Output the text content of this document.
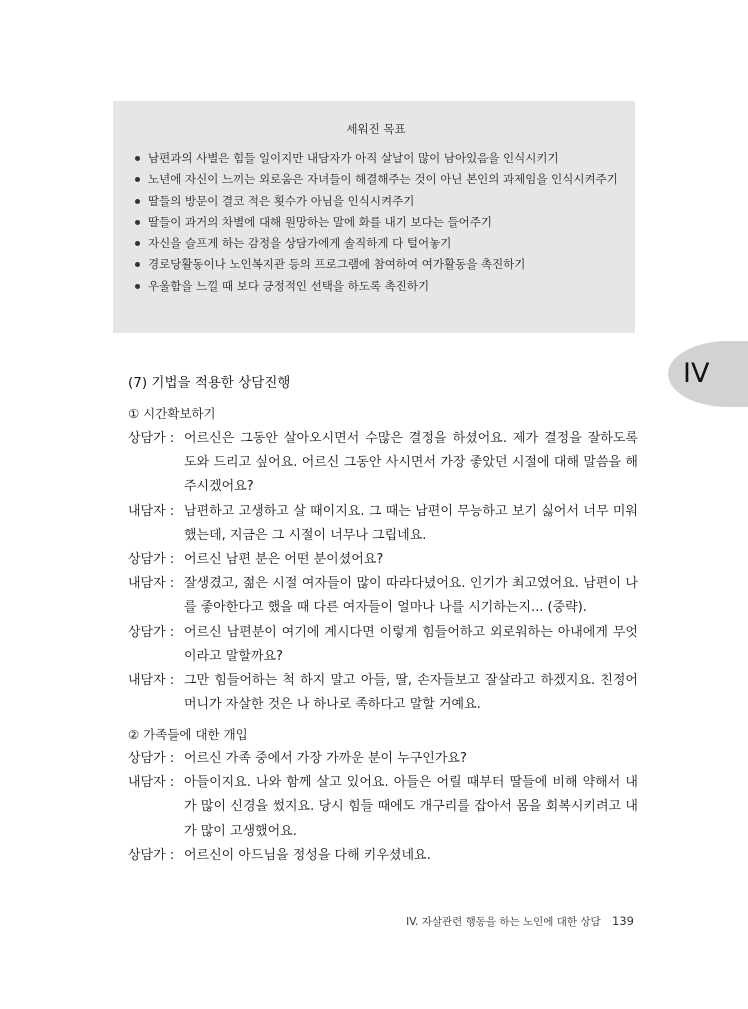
세워진 목표

남편과의 사별은 힘들 일이지만 내담자가 아직 살날이 많이 남아있음을 인식시키기
노년에 자신이 느끼는 외로움은 자녀들이 해결해주는 것이 아닌 본인의 과제임을 인식시켜주기
딸들의 방문이 결코 적은 횟수가 아님을 인식시켜주기
딸들이 과거의 차별에 대해 원망하는 말에 화를 내기 보다는 들어주기
자신을 슬프게 하는 감정을 상담가에게 솔직하게 다 털어놓기
경로당활동이나 노인복지관 등의 프로그램에 참여하여 여가활동을 촉진하기
우울함을 느낄 때 보다 긍정적인 선택을 하도록 촉진하기
IV

(7) 기법을 적용한 상담진행

① 시간확보하기

상담가 : 어르신은 그동안 살아오시면서 수많은 결정을 하셨어요. 제가 결정을 잘하도록 도와 드리고 싶어요. 어르신 그동안 사시면서 가장 좋았던 시절에 대해 말씀을 해주시겠어요?
내담자 : 남편하고 고생하고 살 때이지요. 그 때는 남편이 무능하고 보기 싫어서 너무 미워했는데, 지금은 그 시절이 너무나 그립네요.
상담가 : 어르신 남편 분은 어떤 분이셨어요?
내담자 : 잘생겼고, 젊은 시절 여자들이 많이 따라다녔어요. 인기가 최고였어요. 남편이 나를 좋아한다고 했을 때 다른 여자들이 얼마나 나를 시기하는지... (중략).
상담가 : 어르신 남편분이 여기에 계시다면 이렇게 힘들어하고 외로워하는 아내에게 무엇이라고 말할까요?
내담자 : 그만 힘들어하는 척 하지 말고 아들, 딸, 손자들보고 잘살라고 하겠지요. 친정어머니가 자살한 것은 나 하나로 족하다고 말할 거예요.

② 가족들에 대한 개입

상담가 : 어르신 가족 중에서 가장 가까운 분이 누구인가요?
내담자 : 아들이지요. 나와 함께 살고 있어요. 아들은 어릴 때부터 딸들에 비해 약해서 내가 많이 신경을 썼지요. 당시 힘들 때에도 개구리를 잡아서 몸을 회복시키려고 내가 많이 고생했어요.
상담가 : 어르신이 아드님을 정성을 다해 키우셨네요.
IV. 자살관련 행동을 하는 노인에 대한 상담 139
